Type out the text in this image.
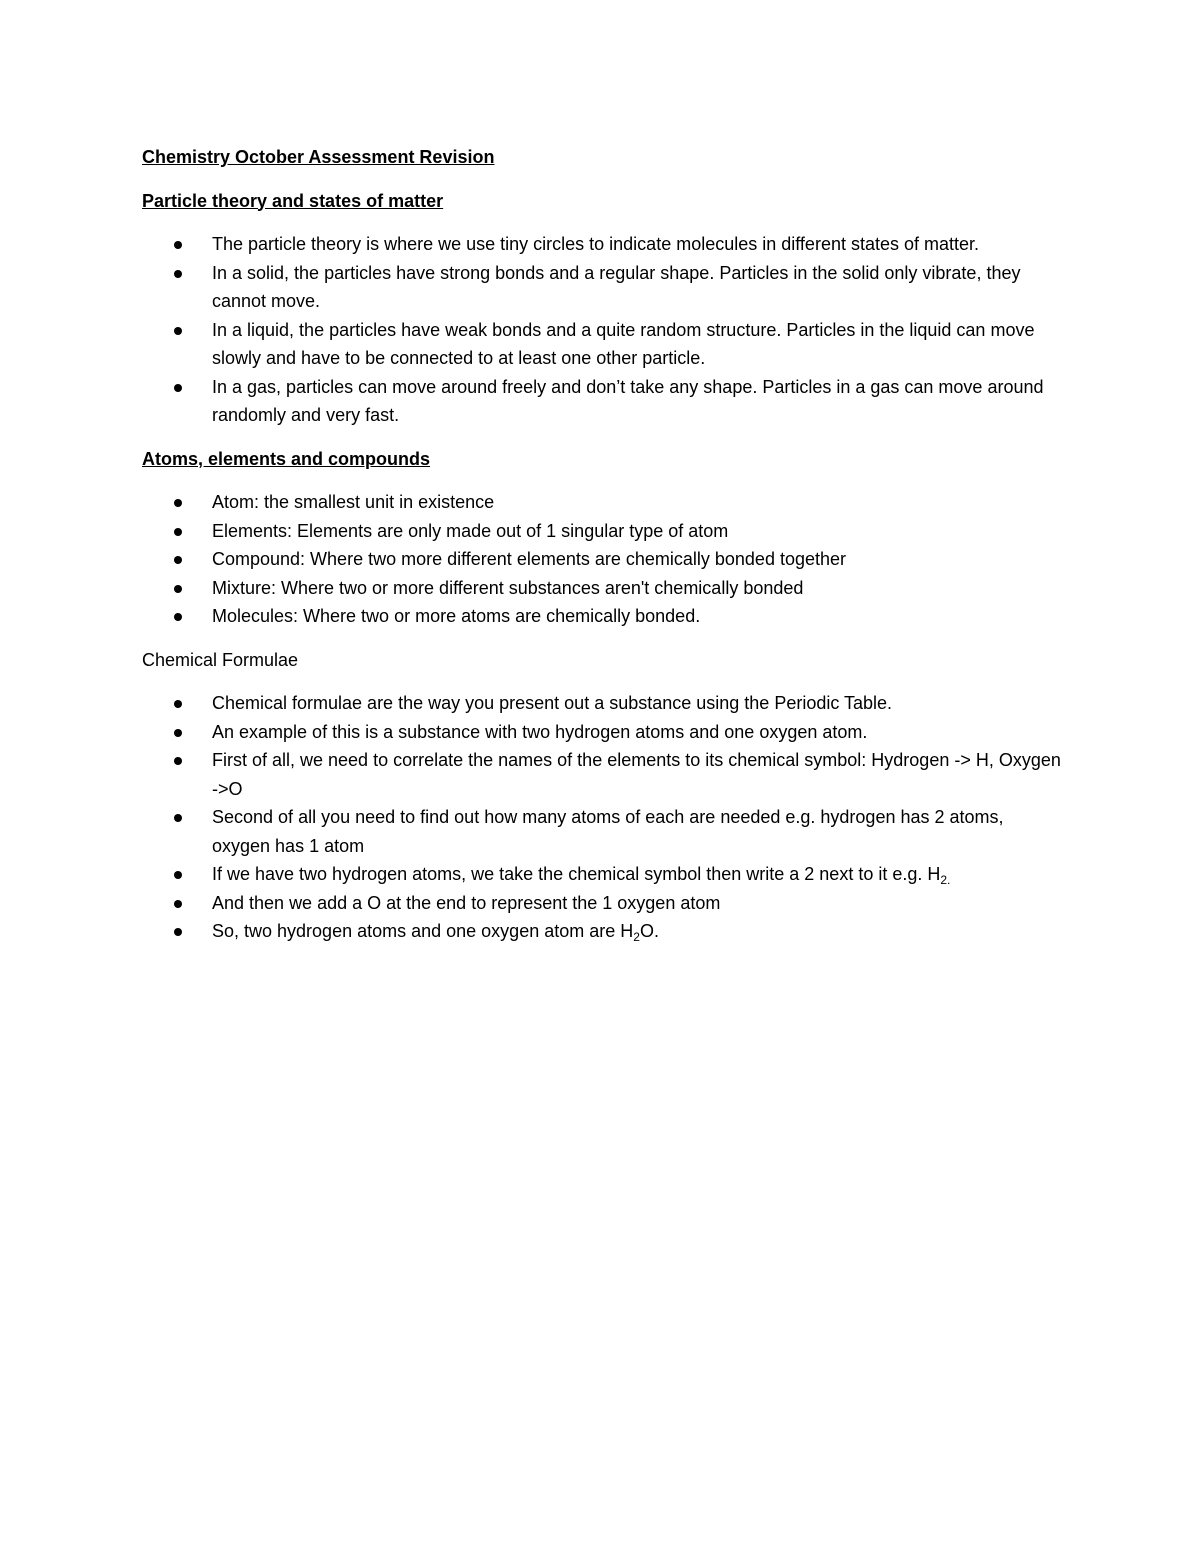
Chemistry October Assessment Revision

Particle theory and states of matter

The particle theory is where we use tiny circles to indicate molecules in different states of matter.
In a solid, the particles have strong bonds and a regular shape. Particles in the solid only vibrate, they cannot move.
In a liquid, the particles have weak bonds and a quite random structure. Particles in the liquid can move slowly and have to be connected to at least one other particle.
In a gas, particles can move around freely and don’t take any shape. Particles in a gas can move around randomly and very fast.

Atoms, elements and compounds

Atom: the smallest unit in existence
Elements: Elements are only made out of 1 singular type of atom
Compound: Where two more different elements are chemically bonded together
Mixture: Where two or more different substances aren't chemically bonded
Molecules: Where two or more atoms are chemically bonded.

Chemical Formulae

Chemical formulae are the way you present out a substance using the Periodic Table.
An example of this is a substance with two hydrogen atoms and one oxygen atom.
First of all, we need to correlate the names of the elements to its chemical symbol: Hydrogen -> H, Oxygen ->O
Second of all you need to find out how many atoms of each are needed e.g. hydrogen has 2 atoms, oxygen has 1 atom
If we have two hydrogen atoms, we take the chemical symbol then write a 2 next to it e.g. $H_{2.}$
And then we add a O at the end to represent the 1 oxygen atom
So, two hydrogen atoms and one oxygen atom are $H_2O$.
